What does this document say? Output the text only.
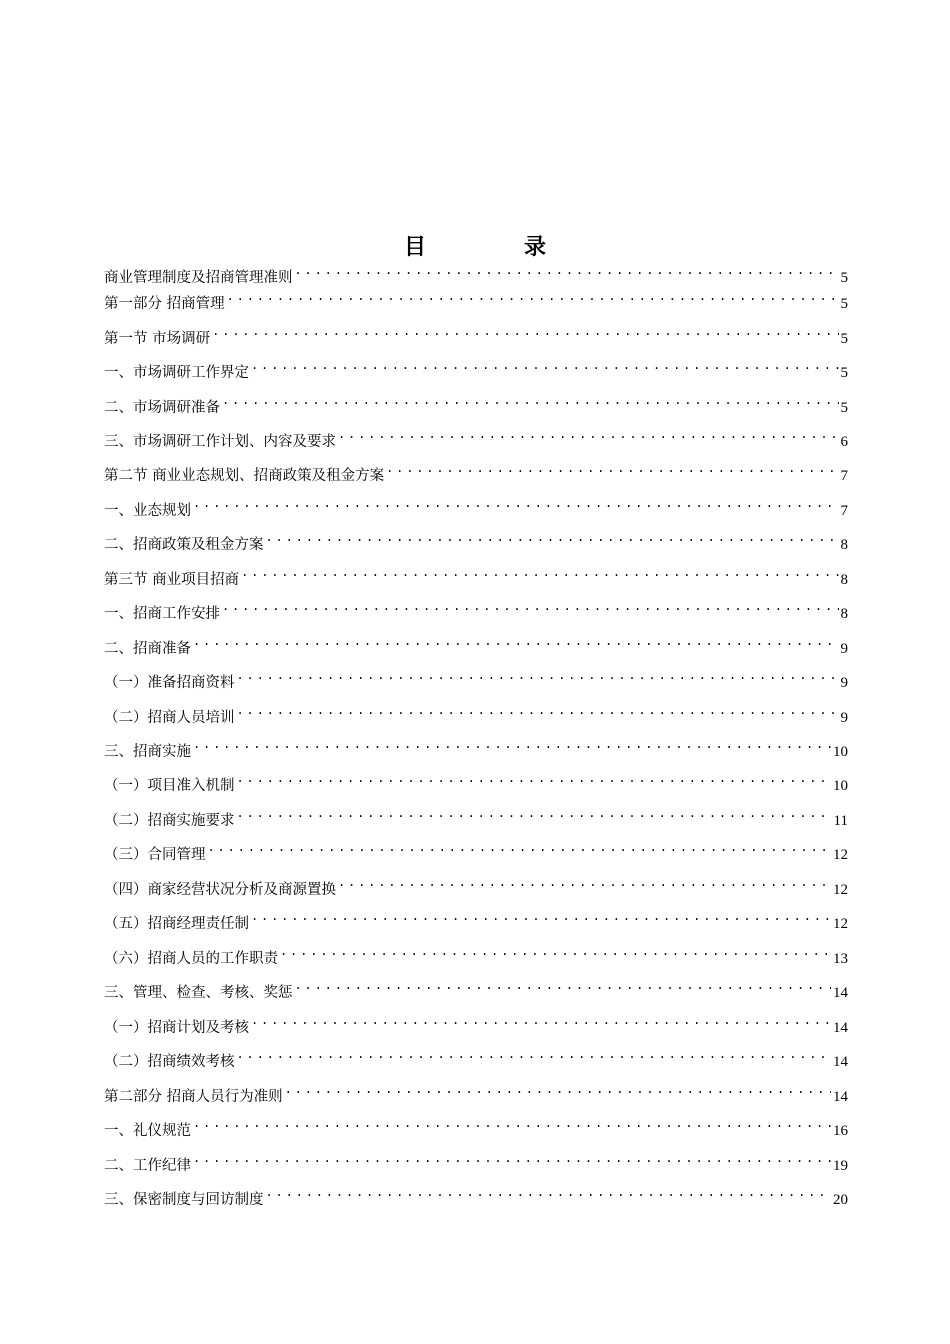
目　录
商业管理制度及招商管理准则 . . .	5
第一部分 招商管理 . . .	5
第一节 市场调研 . . .	5
一、市场调研工作界定 . . .	5
二、市场调研准备 . . .	5
三、市场调研工作计划、内容及要求 . . .	6
第二节 商业业态规划、招商政策及租金方案 . . .	7
一、业态规划 . . .	7
二、招商政策及租金方案 . . .	8
第三节 商业项目招商 . . .	8
一、招商工作安排 . . .	8
二、招商准备 . . .	9
（一）准备招商资料 . . .	9
（二）招商人员培训 . . .	9
三、招商实施 . . .	10
（一）项目准入机制 . . .	10
（二）招商实施要求 . . .	11
（三）合同管理 . . .	12
（四）商家经营状况分析及商源置换 . . .	12
（五）招商经理责任制 . . .	12
（六）招商人员的工作职责 . . .	13
三、管理、检查、考核、奖惩 . . .	14
（一）招商计划及考核 . . .	14
（二）招商绩效考核 . . .	14
第二部分 招商人员行为准则 . . .	14
一、礼仪规范 . . .	16
二、工作纪律 . . .	19
三、保密制度与回访制度 . . .	20
